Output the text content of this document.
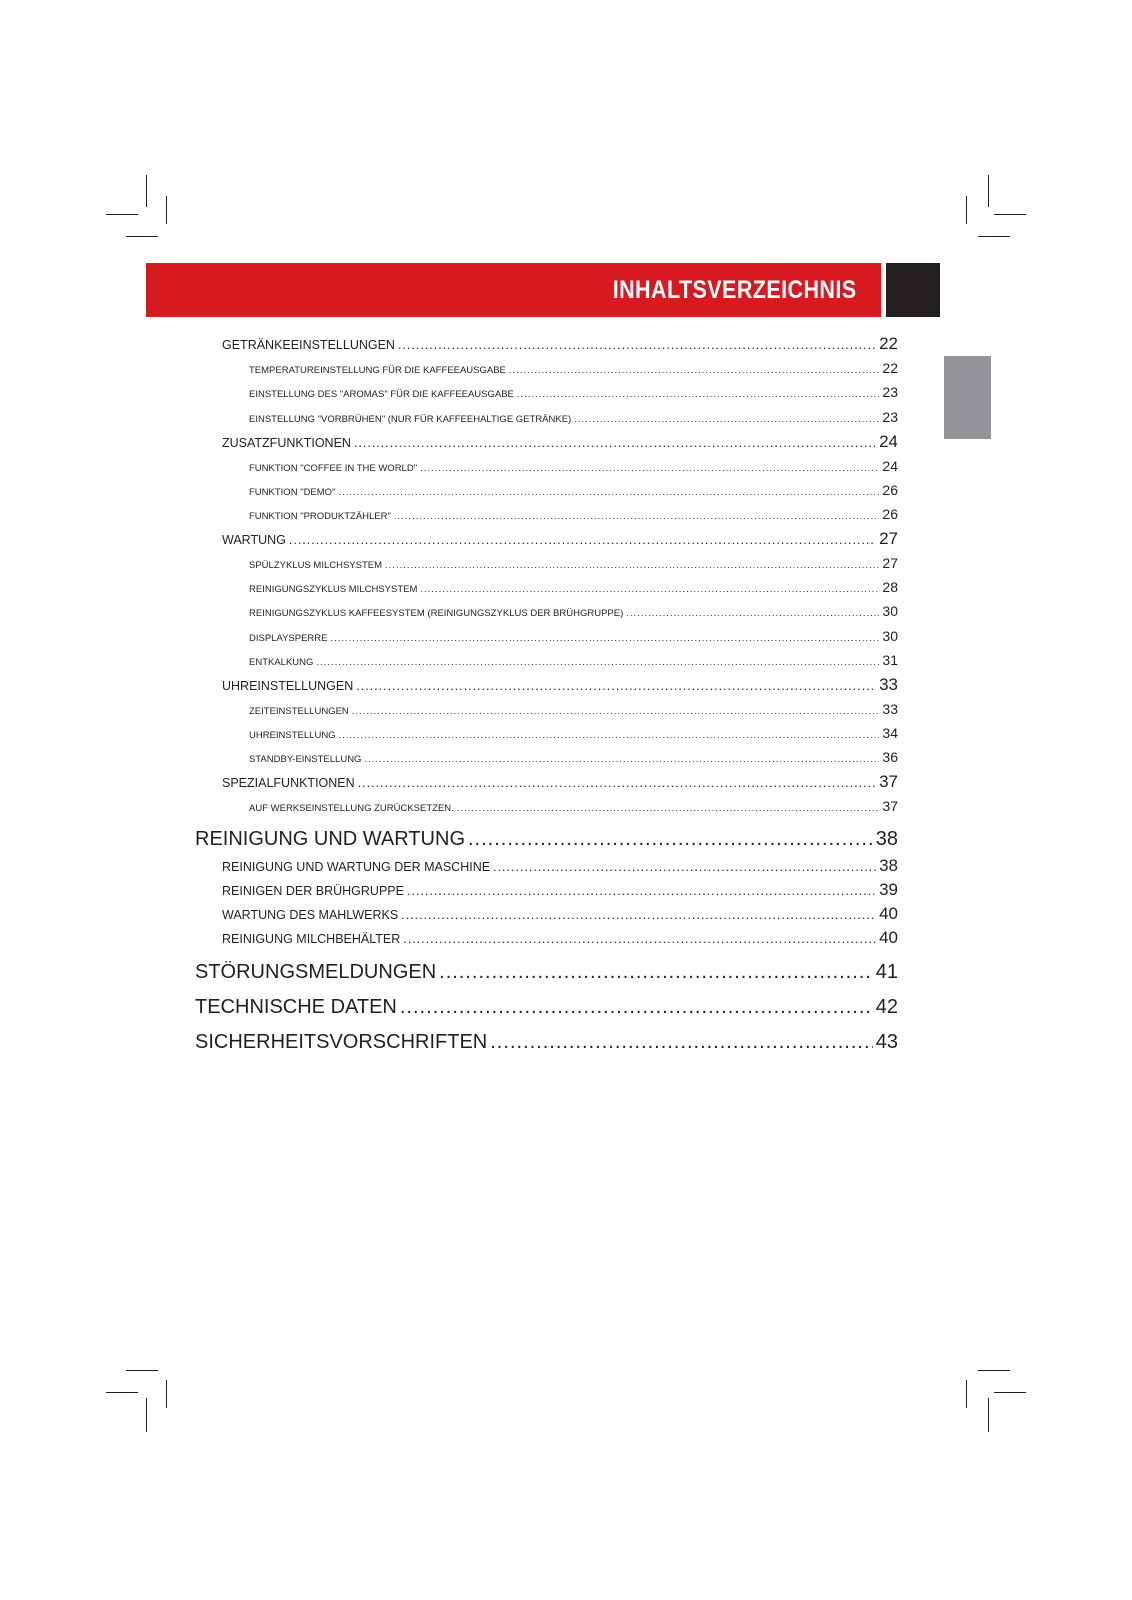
INHALTSVERZEICHNIS
GETRÄNKEEINSTELLUNGEN .....	22
TEMPERATUREINSTELLUNG FÜR DIE KAFFEEAUSGABE .....	22
EINSTELLUNG DES "AROMAS" FÜR DIE KAFFEEAUSGABE .....	23
EINSTELLUNG "VORBRÜHEN" (NUR FÜR KAFFEEHALTIGE GETRÄNKE) .....	23
ZUSATZFUNKTIONEN .....	24
FUNKTION "COFFEE IN THE WORLD" .....	24
FUNKTION "DEMO" .....	26
FUNKTION "PRODUKTZÄHLER" .....	26
WARTUNG .....	27
SPÜLZYKLUS MILCHSYSTEM .....	27
REINIGUNGSZYKLUS MILCHSYSTEM .....	28
REINIGUNGSZYKLUS KAFFEESYSTEM (REINIGUNGSZYKLUS DER BRÜHGRUPPE) .....	30
DISPLAYSPERRE .....	30
ENTKALKUNG .....	31
UHREINSTELLUNGEN .....	33
ZEITEINSTELLUNGEN .....	33
UHREINSTELLUNG .....	34
STANDBY-EINSTELLUNG .....	36
SPEZIALFUNKTIONEN .....	37
AUF WERKSEINSTELLUNG ZURÜCKSETZEN. .....	37
REINIGUNG UND WARTUNG .....	38
REINIGUNG UND WARTUNG DER MASCHINE .....	38
REINIGEN DER BRÜHGRUPPE .....	39
WARTUNG DES MAHLWERKS .....	40
REINIGUNG MILCHBEHÄLTER .....	40
STÖRUNGSMELDUNGEN .....	41
TECHNISCHE DATEN .....	42
SICHERHEITSVORSCHRIFTEN .....	43
